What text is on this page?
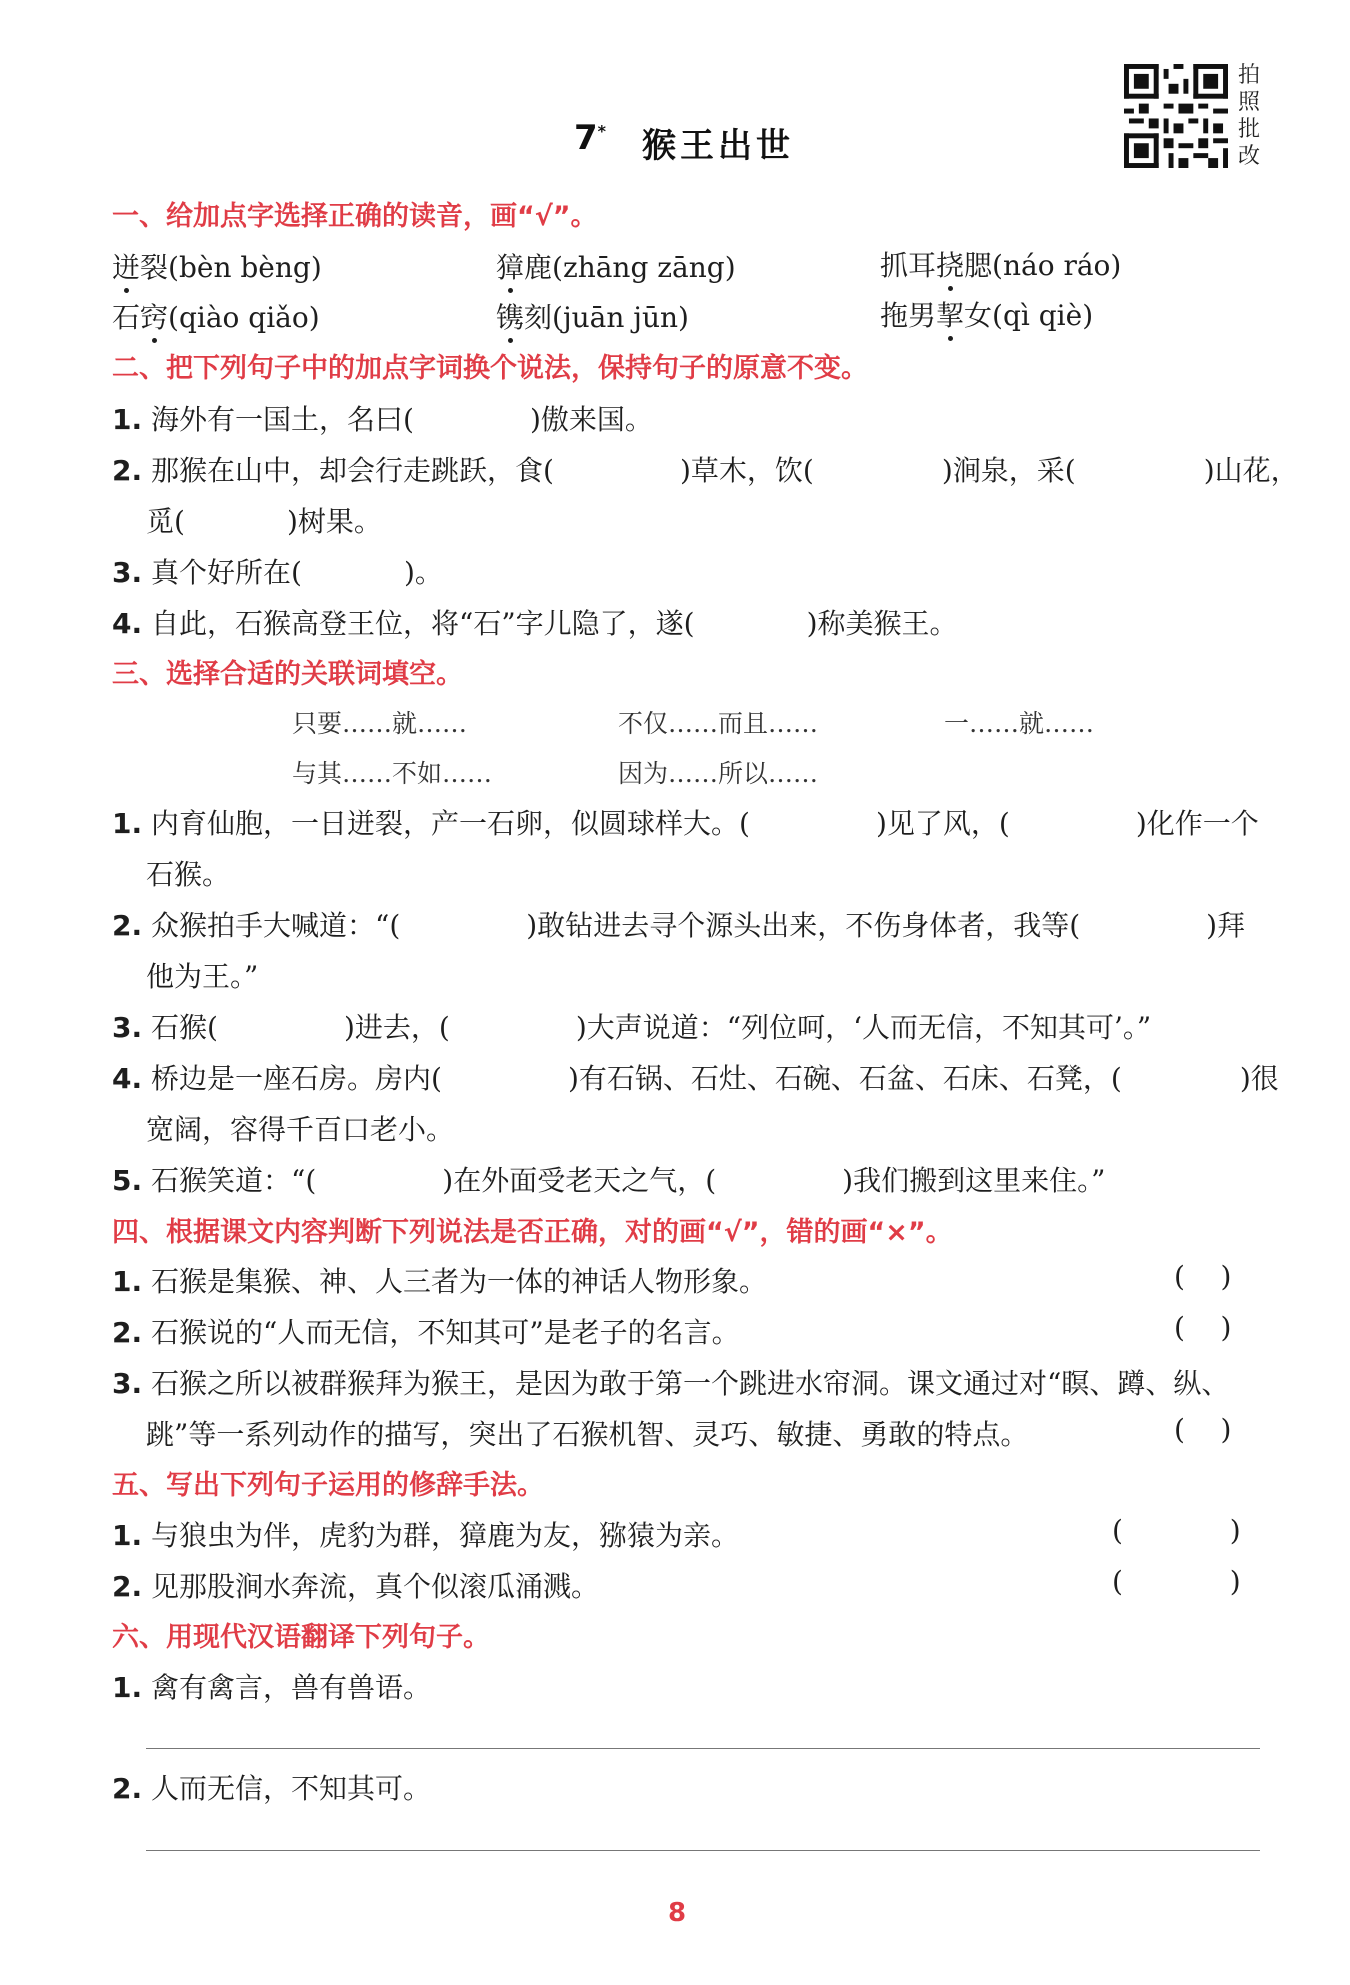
7* 猴王出世
拍照批改
一、给加点字选择正确的读音，画“√”。
迸裂(bèn bèng)	獐鹿(zhāng zāng)	抓耳挠腮(náo ráo)
石窍(qiào qiǎo)	镌刻(juān jūn)	拖男挈女(qì qiè)
二、把下列句子中的加点字词换个说法，保持句子的原意不变。
1. 海外有一国土，名曰(	)傲来国。
2. 那猴在山中，却会行走跳跃，食(	)草木，饮(	)涧泉，采(	)山花，
觅(	)树果。
3. 真个好所在(	)。
4. 自此，石猴高登王位，将“石”字儿隐了，遂(	)称美猴王。
三、选择合适的关联词填空。
只要……就……	不仅……而且……	一……就……
与其……不如……	因为……所以……
1. 内育仙胞，一日迸裂，产一石卵，似圆球样大。(	)见了风，(	)化作一个
石猴。
2. 众猴拍手大喊道：“(	)敢钻进去寻个源头出来，不伤身体者，我等(	)拜
他为王。”
3. 石猴(	)进去，(	)大声说道：“列位呵，‘人而无信，不知其可’。”
4. 桥边是一座石房。房内(	)有石锅、石灶、石碗、石盆、石床、石凳，(	)很
宽阔，容得千百口老小。
5. 石猴笑道：“(	)在外面受老天之气，(	)我们搬到这里来住。”
四、根据课文内容判断下列说法是否正确，对的画“√”，错的画“×”。
1. 石猴是集猴、神、人三者为一体的神话人物形象。	(    )
2. 石猴说的“人而无信，不知其可”是老子的名言。	(    )
3. 石猴之所以被群猴拜为猴王，是因为敢于第一个跳进水帘洞。课文通过对“瞑、蹲、纵、
跳”等一系列动作的描写，突出了石猴机智、灵巧、敏捷、勇敢的特点。	(    )
五、写出下列句子运用的修辞手法。
1. 与狼虫为伴，虎豹为群，獐鹿为友，猕猿为亲。	(            )
2. 见那股涧水奔流，真个似滚瓜涌溅。	(            )
六、用现代汉语翻译下列句子。
1. 禽有禽言，兽有兽语。
2. 人而无信，不知其可。
8
